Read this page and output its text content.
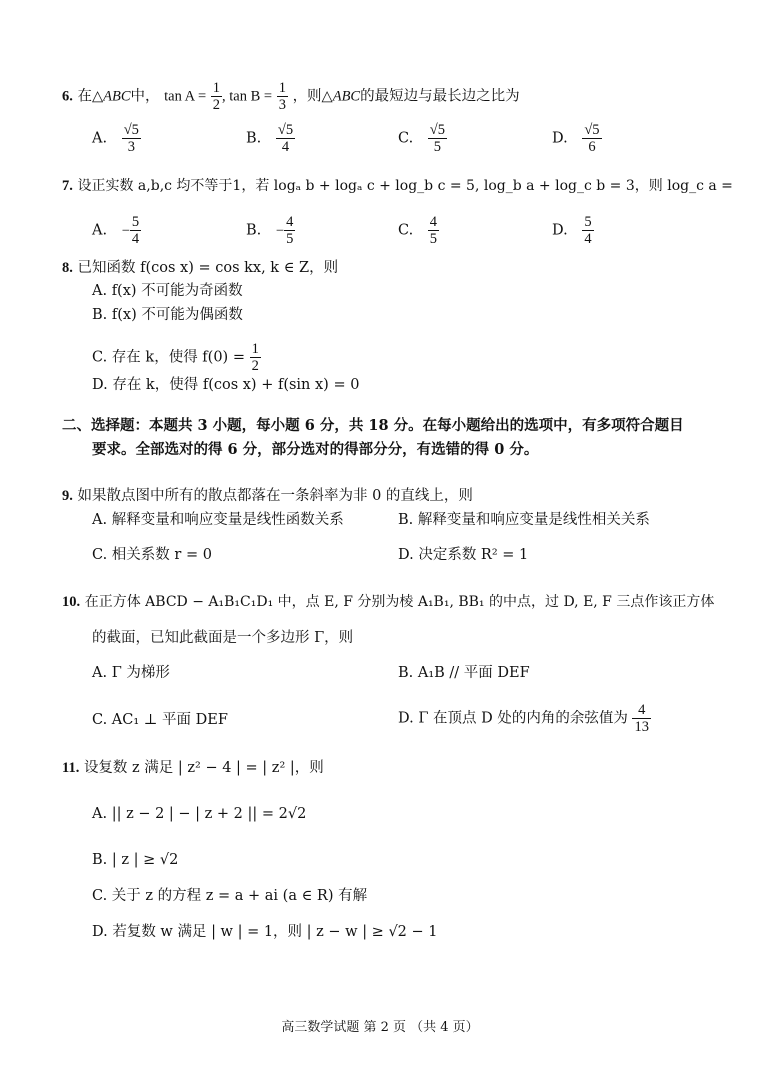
6. 在△ABC中， $\tan A = \frac{1}{2}$ , $\tan B = \frac{1}{3}$ ，则△ABC的最短边与最长边之比为
A. $\frac{√5}{3}$	B. $\frac{√5}{4}$	C. $\frac{√5}{5}$	D. $\frac{√5}{6}$
7. 设正实数 a,b,c 均不等于1，若 logₐ b + logₐ c + log_b c = 5, log_b a + log_c b = 3，则 log_c a =
A. − $\frac{5}{4}$	B. − $\frac{4}{5}$	C. $\frac{4}{5}$	D. $\frac{5}{4}$
8. 已知函数 f(cos x) = cos kx, k ∈ Z，则
A. f(x) 不可能为奇函数
B. f(x) 不可能为偶函数
C. 存在 k，使得 $f(0) = \frac{1}{2}$
D. 存在 k，使得 f(cos x) + f(sin x) = 0
二、选择题：本题共 3 小题，每小题 6 分，共 18 分。在每小题给出的选项中，有多项符合题目
要求。全部选对的得 6 分，部分选对的得部分分，有选错的得 0 分。
9. 如果散点图中所有的散点都落在一条斜率为非 0 的直线上，则
A. 解释变量和响应变量是线性函数关系	B. 解释变量和响应变量是线性相关关系
C. 相关系数 r = 0	D. 决定系数 R² = 1
10. 在正方体 ABCD − A₁B₁C₁D₁ 中，点 E, F 分别为棱 A₁B₁, BB₁ 的中点，过 D, E, F 三点作该正方体
的截面，已知此截面是一个多边形 Γ，则
A. Γ 为梯形	B. A₁B // 平面 DEF
C. AC₁ ⊥ 平面 DEF	D. Γ 在顶点 D 处的内角的余弦值为 $\frac{4}{13}$
11. 设复数 z 满足 | z² − 4 | = | z² |，则
A. || z − 2 | − | z + 2 || = 2√2
B. | z | ≥ √2
C. 关于 z 的方程 z = a + ai (a ∈ R) 有解
D. 若复数 w 满足 | w | = 1，则 | z − w | ≥ √2 − 1
高三数学试题 第 2 页 （共 4 页）
